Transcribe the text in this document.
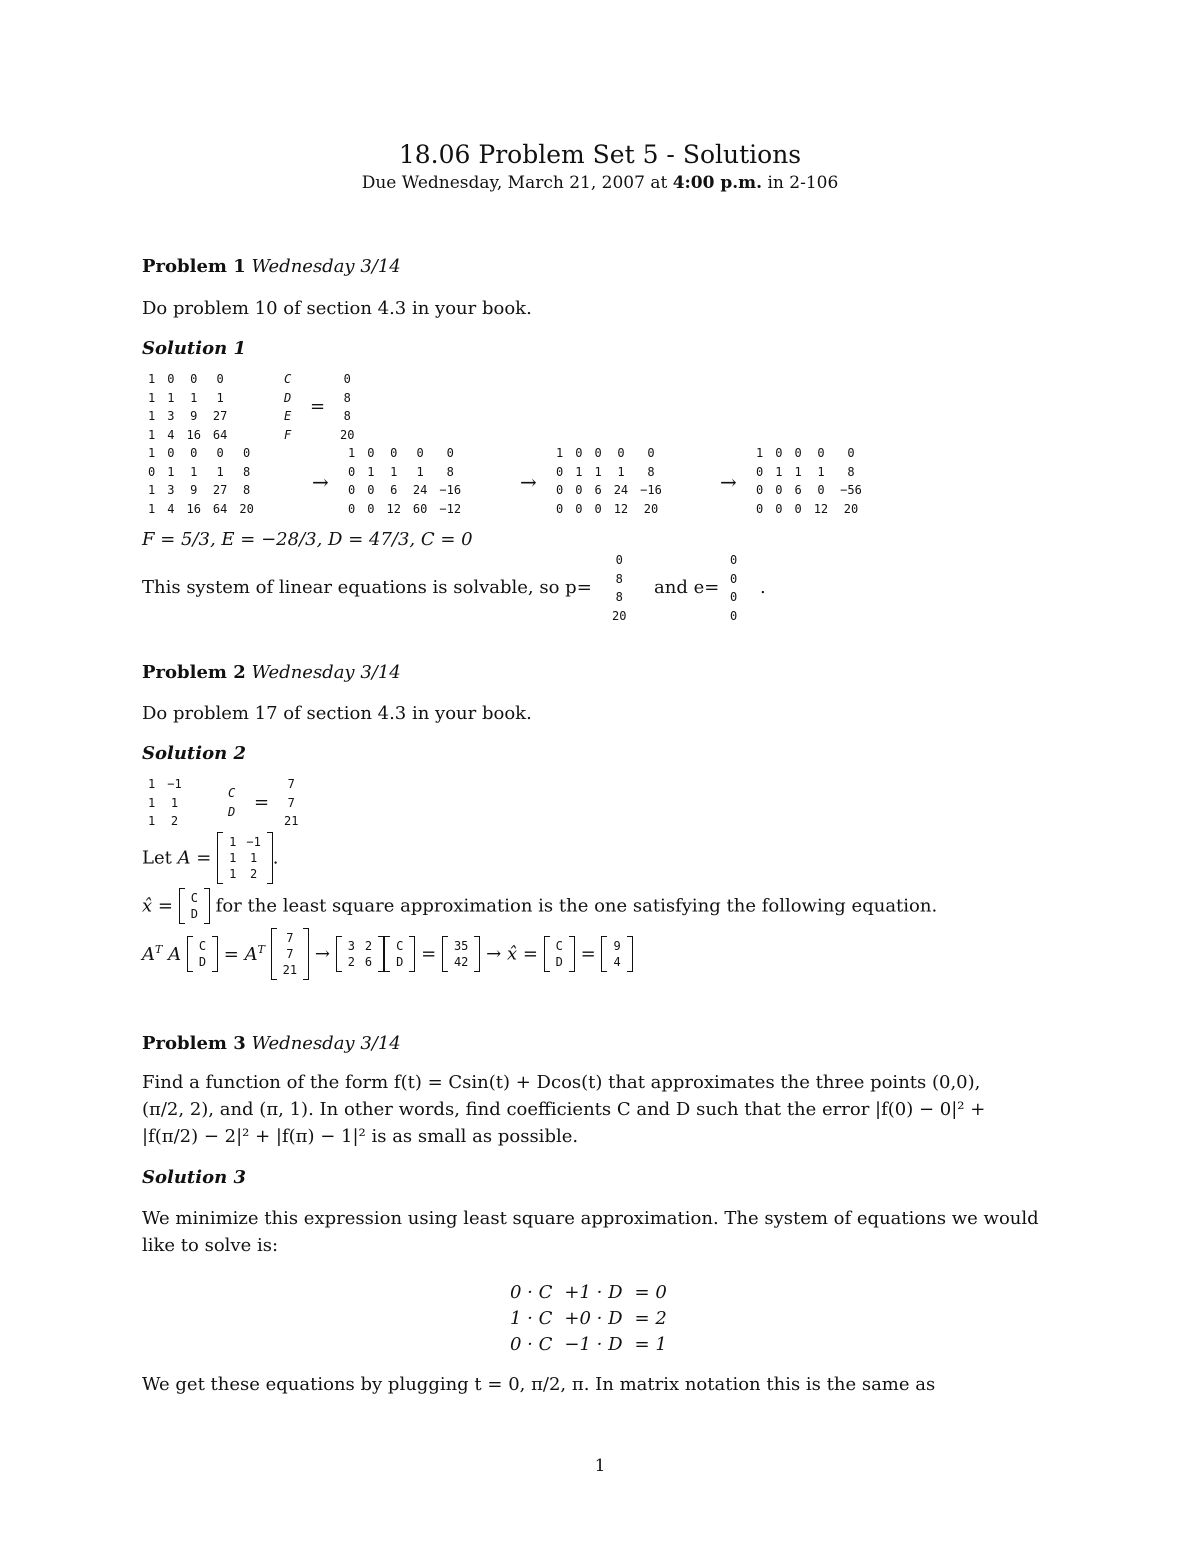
18.06 Problem Set 5 - Solutions
Due Wednesday, March 21, 2007 at 4:00 p.m. in 2-106
Problem 1 Wednesday 3/14
Do problem 10 of section 4.3 in your book.
Solution 1
1	0	0	0
1	1	1	1
1	3	9	27
1	4	16	64
C
D
E
F
=
0
8
8
20
1	0	0	0	0
0	1	1	1	8
1	3	9	27	8
1	4	16	64	20
→
1	0	0	0	0
0	1	1	1	8
0	0	6	24	−16
0	0	12	60	−12
→
1	0	0	0	0
0	1	1	1	8
0	0	6	24	−16
0	0	0	12	20
→
1	0	0	0	0
0	1	1	1	8
0	0	6	0	−56
0	0	0	12	20
F = 5/3, E = −28/3, D = 47/3, C = 0
This system of linear equations is solvable, so p=
0
8
8
20
and e=
0
0
0
0
.
Problem 2 Wednesday 3/14
Do problem 17 of section 4.3 in your book.
Solution 2
1	−1
1	1
1	2
C
D =
7
7
21
Let A =
1	−1
1	1
1	2
.
x̂ = C
D for the least square approximation is the one satisfying the following equation.
$A^T$ A C
$D = A^T$
7
7
21
→ 3	2
2	6
C
D = 35
42 → x̂ = C
D = 9
4
Problem 3 Wednesday 3/14
Find a function of the form f(t) = Csin(t) + Dcos(t) that approximates the three points (0,0),
(π/2, 2), and (π, 1). In other words, find coefficients C and D such that the error |f(0) − 0|² +
|f(π/2) − 2|² + |f(π) − 1|² is as small as possible.
Solution 3
We minimize this expression using least square approximation. The system of equations we would
like to solve is:
0 · C	+1 · D	= 0
1 · C	+0 · D	= 2
0 · C	−1 · D	= 1
We get these equations by plugging t = 0, π/2, π. In matrix notation this is the same as
1
